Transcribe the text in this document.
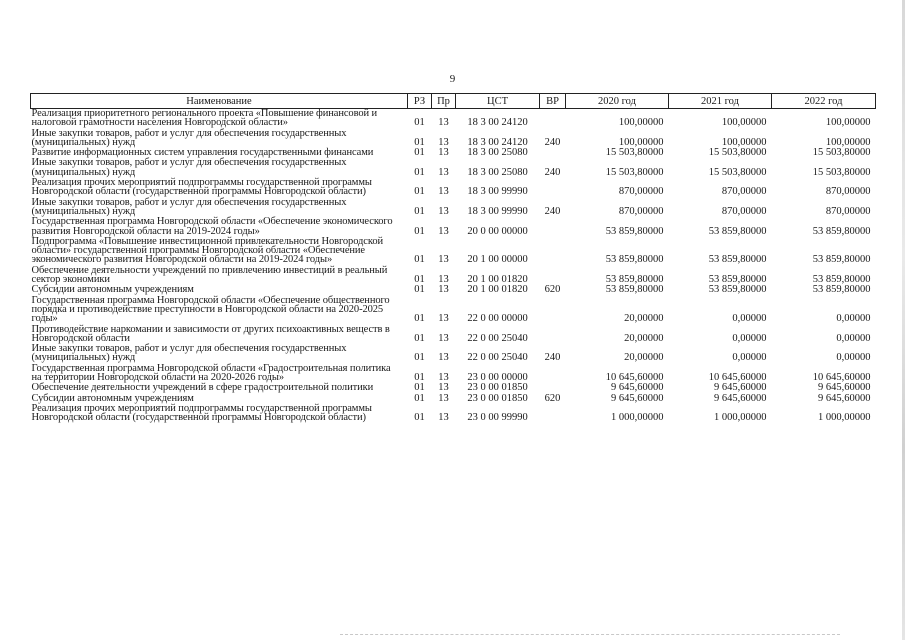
9
Наименование	РЗ	Пр	ЦСТ	ВР	2020 год	2021 год	2022 год
Реализация приоритетного регионального проекта «Повышение финансовой и налоговой грамотности населения Новгородской области»	01	13	18 3 00 24120		100,00000	100,00000	100,00000
Иные закупки товаров, работ и услуг для обеспечения государственных (муниципальных) нужд	01	13	18 3 00 24120	240	100,00000	100,00000	100,00000
Развитие информационных систем управления государственными финансами	01	13	18 3 00 25080		15 503,80000	15 503,80000	15 503,80000
Иные закупки товаров, работ и услуг для обеспечения государственных (муниципальных) нужд	01	13	18 3 00 25080	240	15 503,80000	15 503,80000	15 503,80000
Реализация прочих мероприятий подпрограммы государственной программы Новгородской области (государственной программы Новгородской области)	01	13	18 3 00 99990		870,00000	870,00000	870,00000
Иные закупки товаров, работ и услуг для обеспечения государственных (муниципальных) нужд	01	13	18 3 00 99990	240	870,00000	870,00000	870,00000
Государственная программа Новгородской области «Обеспечение экономического развития Новгородской области на 2019-2024 годы»	01	13	20 0 00 00000		53 859,80000	53 859,80000	53 859,80000
Подпрограмма «Повышение инвестиционной привлекательности Новгородской области» государственной программы Новгородской области «Обеспечение экономического развития Новгородской области на 2019-2024 годы»	01	13	20 1 00 00000		53 859,80000	53 859,80000	53 859,80000
Обеспечение деятельности учреждений по привлечению инвестиций в реальный сектор экономики	01	13	20 1 00 01820		53 859,80000	53 859,80000	53 859,80000
Субсидии автономным учреждениям	01	13	20 1 00 01820	620	53 859,80000	53 859,80000	53 859,80000
Государственная программа Новгородской области «Обеспечение общественного порядка и противодействие преступности в Новгородской области на 2020-2025 годы»	01	13	22 0 00 00000		20,00000	0,00000	0,00000
Противодействие наркомании и зависимости от других психоактивных веществ в Новгородской области	01	13	22 0 00 25040		20,00000	0,00000	0,00000
Иные закупки товаров, работ и услуг для обеспечения государственных (муниципальных) нужд	01	13	22 0 00 25040	240	20,00000	0,00000	0,00000
Государственная программа Новгородской области «Градостроительная политика на территории Новгородской области на 2020-2026 годы»	01	13	23 0 00 00000		10 645,60000	10 645,60000	10 645,60000
Обеспечение деятельности учреждений в сфере градостроительной политики	01	13	23 0 00 01850		9 645,60000	9 645,60000	9 645,60000
Субсидии автономным учреждениям	01	13	23 0 00 01850	620	9 645,60000	9 645,60000	9 645,60000
Реализация прочих мероприятий подпрограммы государственной программы Новгородской области (государственной программы Новгородской области)	01	13	23 0 00 99990		1 000,00000	1 000,00000	1 000,00000
